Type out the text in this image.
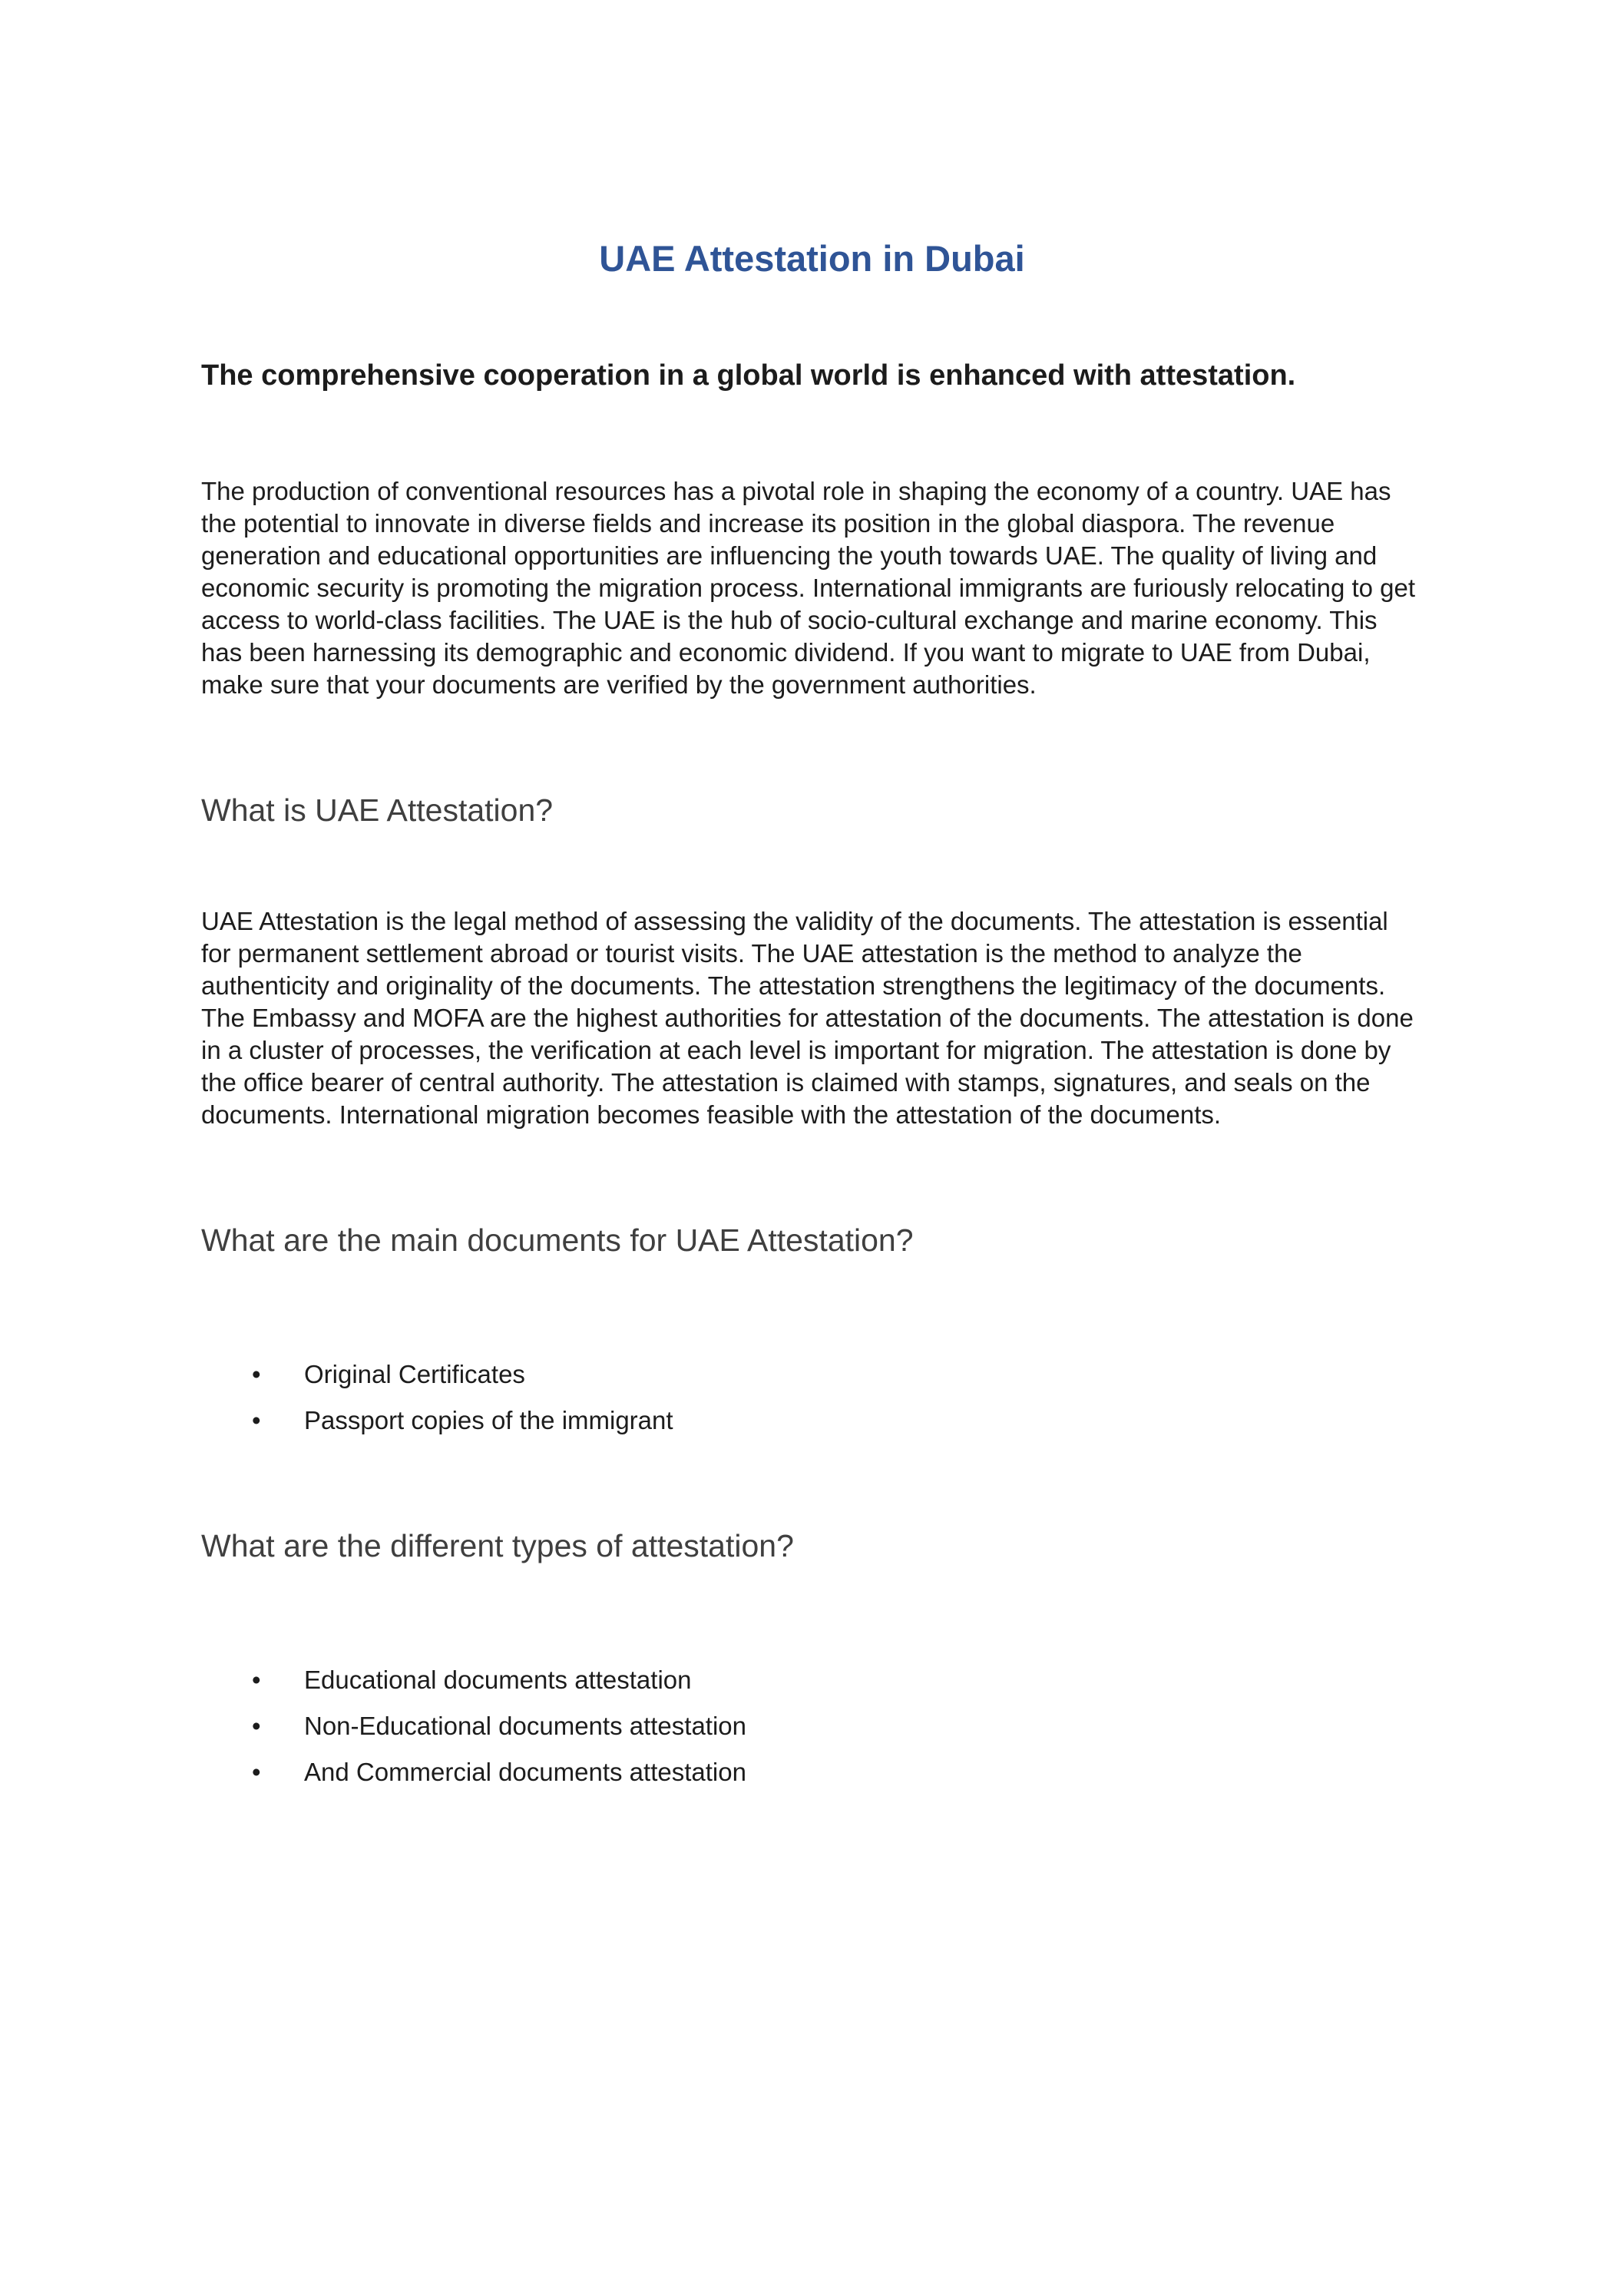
UAE Attestation in Dubai
The comprehensive cooperation in a global world is enhanced with attestation.

The production of conventional resources has a pivotal role in shaping the economy of a country. UAE has the potential to innovate in diverse fields and increase its position in the global diaspora. The revenue generation and educational opportunities are influencing the youth towards UAE. The quality of living and economic security is promoting the migration process. International immigrants are furiously relocating to get access to world-class facilities. The UAE is the hub of socio-cultural exchange and marine economy. This has been harnessing its demographic and economic dividend. If you want to migrate to UAE from Dubai, make sure that your documents are verified by the government authorities.

What is UAE Attestation?

UAE Attestation is the legal method of assessing the validity of the documents. The attestation is essential for permanent settlement abroad or tourist visits. The UAE attestation is the method to analyze the authenticity and originality of the documents. The attestation strengthens the legitimacy of the documents. The Embassy and MOFA are the highest authorities for attestation of the documents. The attestation is done in a cluster of processes, the verification at each level is important for migration. The attestation is done by the office bearer of central authority. The attestation is claimed with stamps, signatures, and seals on the documents. International migration becomes feasible with the attestation of the documents.

What are the main documents for UAE Attestation?
• Original Certificates
• Passport copies of the immigrant
What are the different types of attestation?
• Educational documents attestation
• Non-Educational documents attestation
• And Commercial documents attestation
